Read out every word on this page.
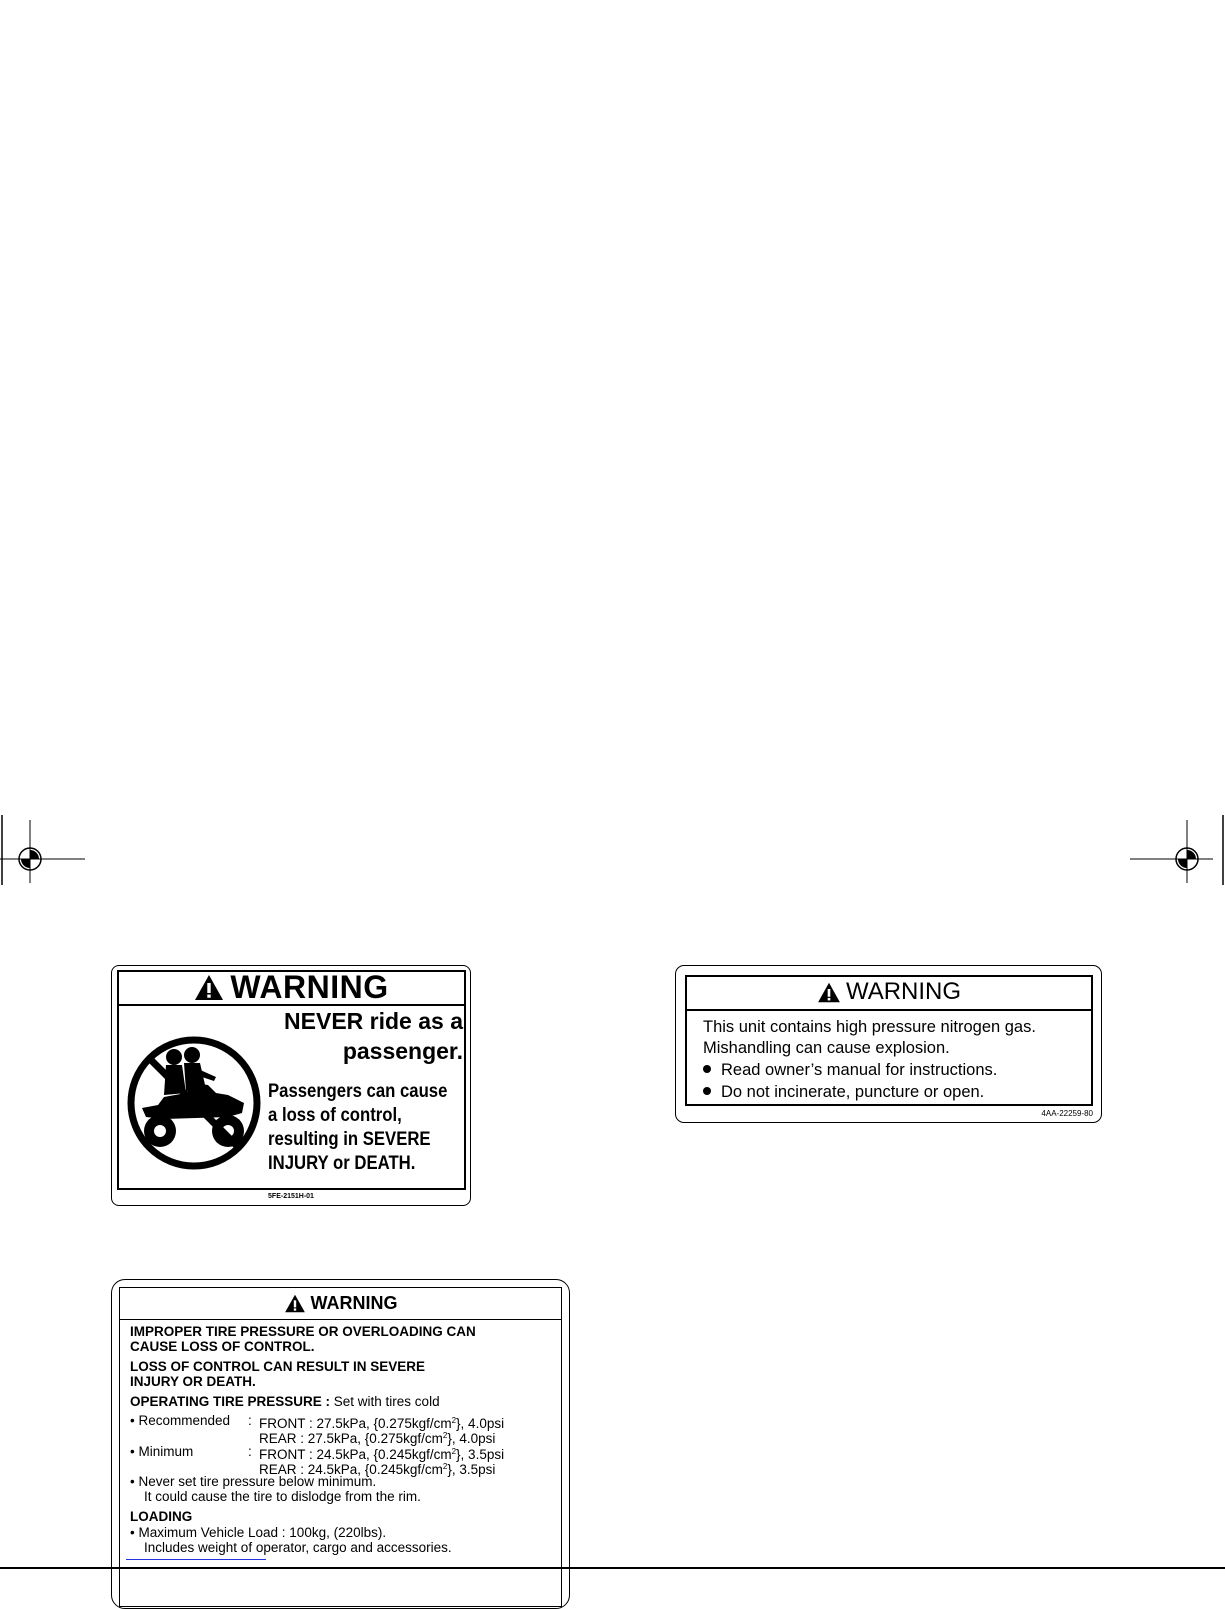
WARNING
NEVER ride as a
passenger.
Passengers can cause
a loss of control,
resulting in SEVERE
INJURY or DEATH.
5FE-2151H-01
WARNING
This unit contains high pressure nitrogen gas.
Mishandling can cause explosion.
Read owner’s manual for instructions.
Do not incinerate, puncture or open.
4AA-22259-80
WARNING
IMPROPER TIRE PRESSURE OR OVERLOADING CAN
CAUSE LOSS OF CONTROL.
LOSS OF CONTROL CAN RESULT IN SEVERE
INJURY OR DEATH.
OPERATING TIRE PRESSURE : Set with tires cold
• Recommended : FRONT : 27.5kPa, $\{0.275kgf/cm^2\}$, 4.0psi
REAR : 27.5kPa, $\{0.275kgf/cm^2\}$, 4.0psi
• Minimum	: FRONT : 24.5kPa, $\{0.245kgf/cm^2\}$, 3.5psi
REAR : 24.5kPa, $\{0.245kgf/cm^2\}$, 3.5psi
• Never set tire pressure below minimum.
It could cause the tire to dislodge from the rim.
LOADING
• Maximum Vehicle Load : 100kg, (220lbs).
Includes weight of operator, cargo and accessories.
